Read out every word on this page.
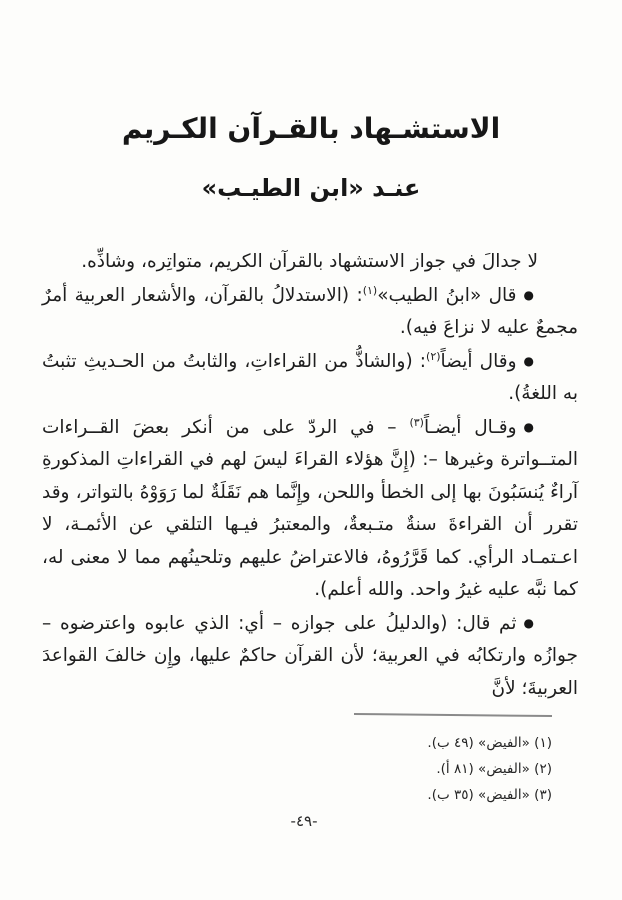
الاستشـهاد بالقـرآن الكـريم
عنـد «ابن الطيـب»
لا جدالَ في جواز الاستشهاد بالقرآن الكريم، متواتِره، وشاذِّه.
●قال «ابنُ الطيب»$^{(١)}$: (الاستدلالُ بالقرآن، والأشعار العربية أمرٌ مجمعٌ عليه لا نزاعَ فيه).
●وقال أيضاً$^{(٢)}$: (والشاذُّ من القراءاتِ، والثابتُ من الحـديثِ تثبتُ به اللغةُ).
●وقـال أيضـاً$^{(٣)}$ – في الردّ على من أنكر بعضَ القــراءات المتــواترة وغيرها –: (إِنَّ هؤلاء القراءَ ليسَ لهم في القراءاتِ المذكورةِ آراءٌ يُنسَبُونَ بها إلى الخطأ واللحن، وإِنَّما هم نَقَلَةٌ لما رَوَوْهُ بالتواتر، وقد تقرر أن القراءةَ سنةٌ متـبعةٌ، والمعتبرُ فيـها التلقي عن الأئمـة، لا اعـتمـاد الرأي. كما قَرَّرُوهُ، فالاعتراضُ عليهم وتلحينُهم مما لا معنى له، كما نبَّه عليه غيرُ واحد. والله أعلم).
●ثم قال: (والدليلُ على جوازه – أي: الذي عابوه واعترضوه – جوازُه وارتكابُه في العربية؛ لأن القرآن حاكمٌ عليها، وإِن خالفَ القواعدَ العربيةَ؛ لأنَّ
(١) «الفيض» (٤٩ ب).
(٢) «الفيض» (٨١ أ).
(٣) «الفيض» (٣٥ ب).
-٤٩-
